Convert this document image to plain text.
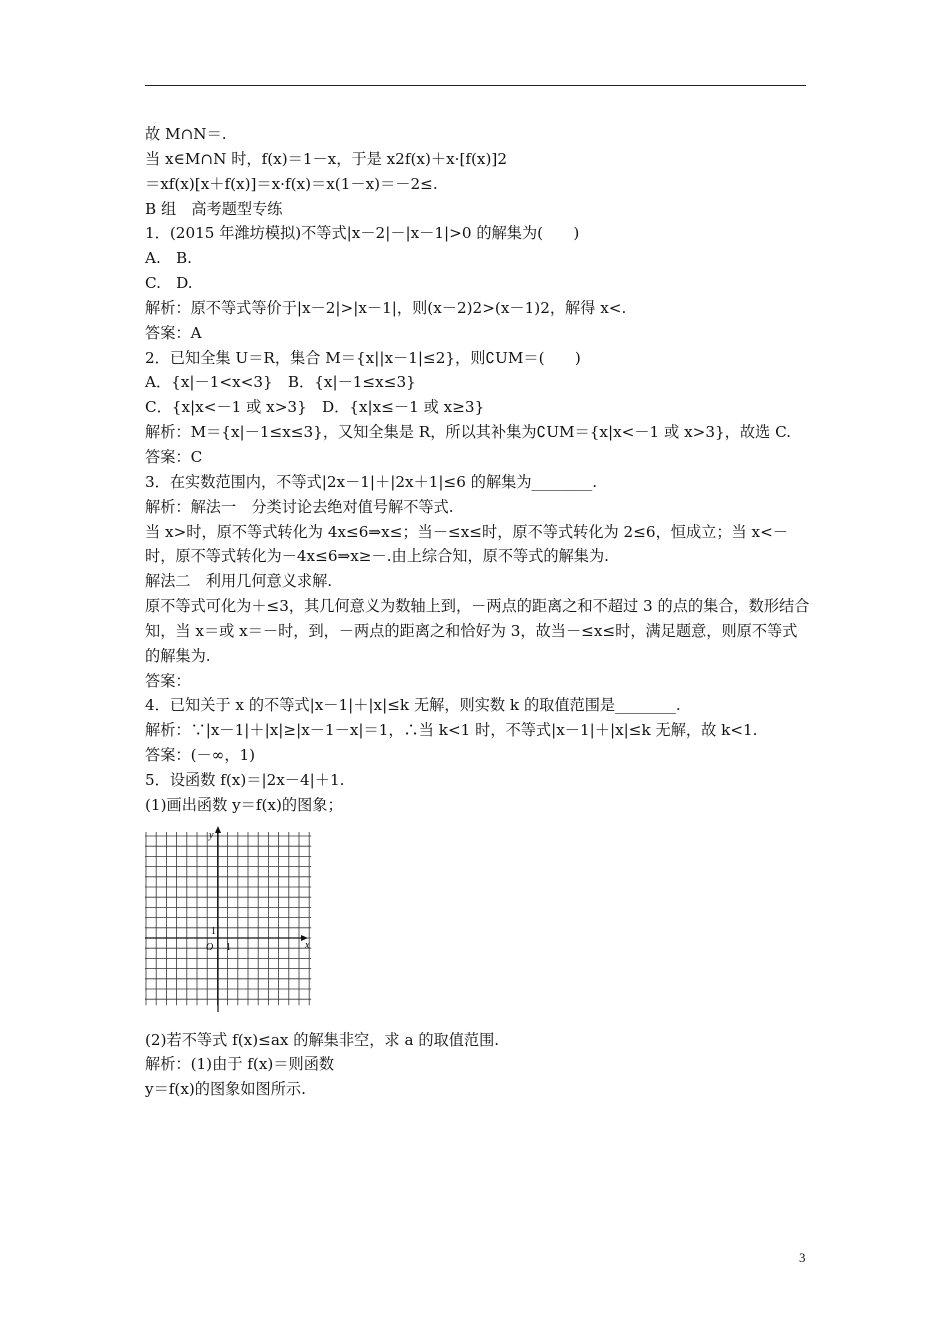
故 M∩N＝.
当 x∈M∩N 时，f(x)＝1－x，于是 x2f(x)＋x·[f(x)]2
＝xf(x)[x＋f(x)]＝x·f(x)＝x(1－x)＝－2≤.
B 组　高考题型专练
1．(2015 年潍坊模拟)不等式|x－2|－|x－1|>0 的解集为(　　)
A.　B.
C.　D.
解析：原不等式等价于|x－2|>|x－1|，则(x－2)2>(x－1)2，解得 x<.
答案：A
2．已知全集 U＝R，集合 M＝{x||x－1|≤2}，则∁UM＝(　　)
A．{x|－1<x<3}　B．{x|－1≤x≤3}
C．{x|x<－1 或 x>3}　D．{x|x≤－1 或 x≥3}
解析：M＝{x|－1≤x≤3}，又知全集是 R，所以其补集为∁UM＝{x|x<－1 或 x>3}，故选 C.
答案：C
3．在实数范围内，不等式|2x－1|＋|2x＋1|≤6 的解集为________.
解析：解法一　分类讨论去绝对值号解不等式.
当 x>时，原不等式转化为 4x≤6⇒x≤；当－≤x≤时，原不等式转化为 2≤6，恒成立；当 x<－时，原不等式转化为－4x≤6⇒x≥－.由上综合知，原不等式的解集为.
解法二　利用几何意义求解.
原不等式可化为＋≤3，其几何意义为数轴上到，－两点的距离之和不超过 3 的点的集合，数形结合知，当 x＝或 x＝－时，到，－两点的距离之和恰好为 3，故当－≤x≤时，满足题意，则原不等式的解集为.
答案：
4．已知关于 x 的不等式|x－1|＋|x|≤k 无解，则实数 k 的取值范围是________.
解析：∵|x－1|＋|x|≥|x－1－x|＝1，∴当 k<1 时，不等式|x－1|＋|x|≤k 无解，故 k<1.
答案：(－∞，1)
5．设函数 f(x)＝|2x－4|＋1.
(1)画出函数 y＝f(x)的图象；
y
x
O 1
1
(2)若不等式 f(x)≤ax 的解集非空，求 a 的取值范围.
解析：(1)由于 f(x)＝则函数
y＝f(x)的图象如图所示.
3
